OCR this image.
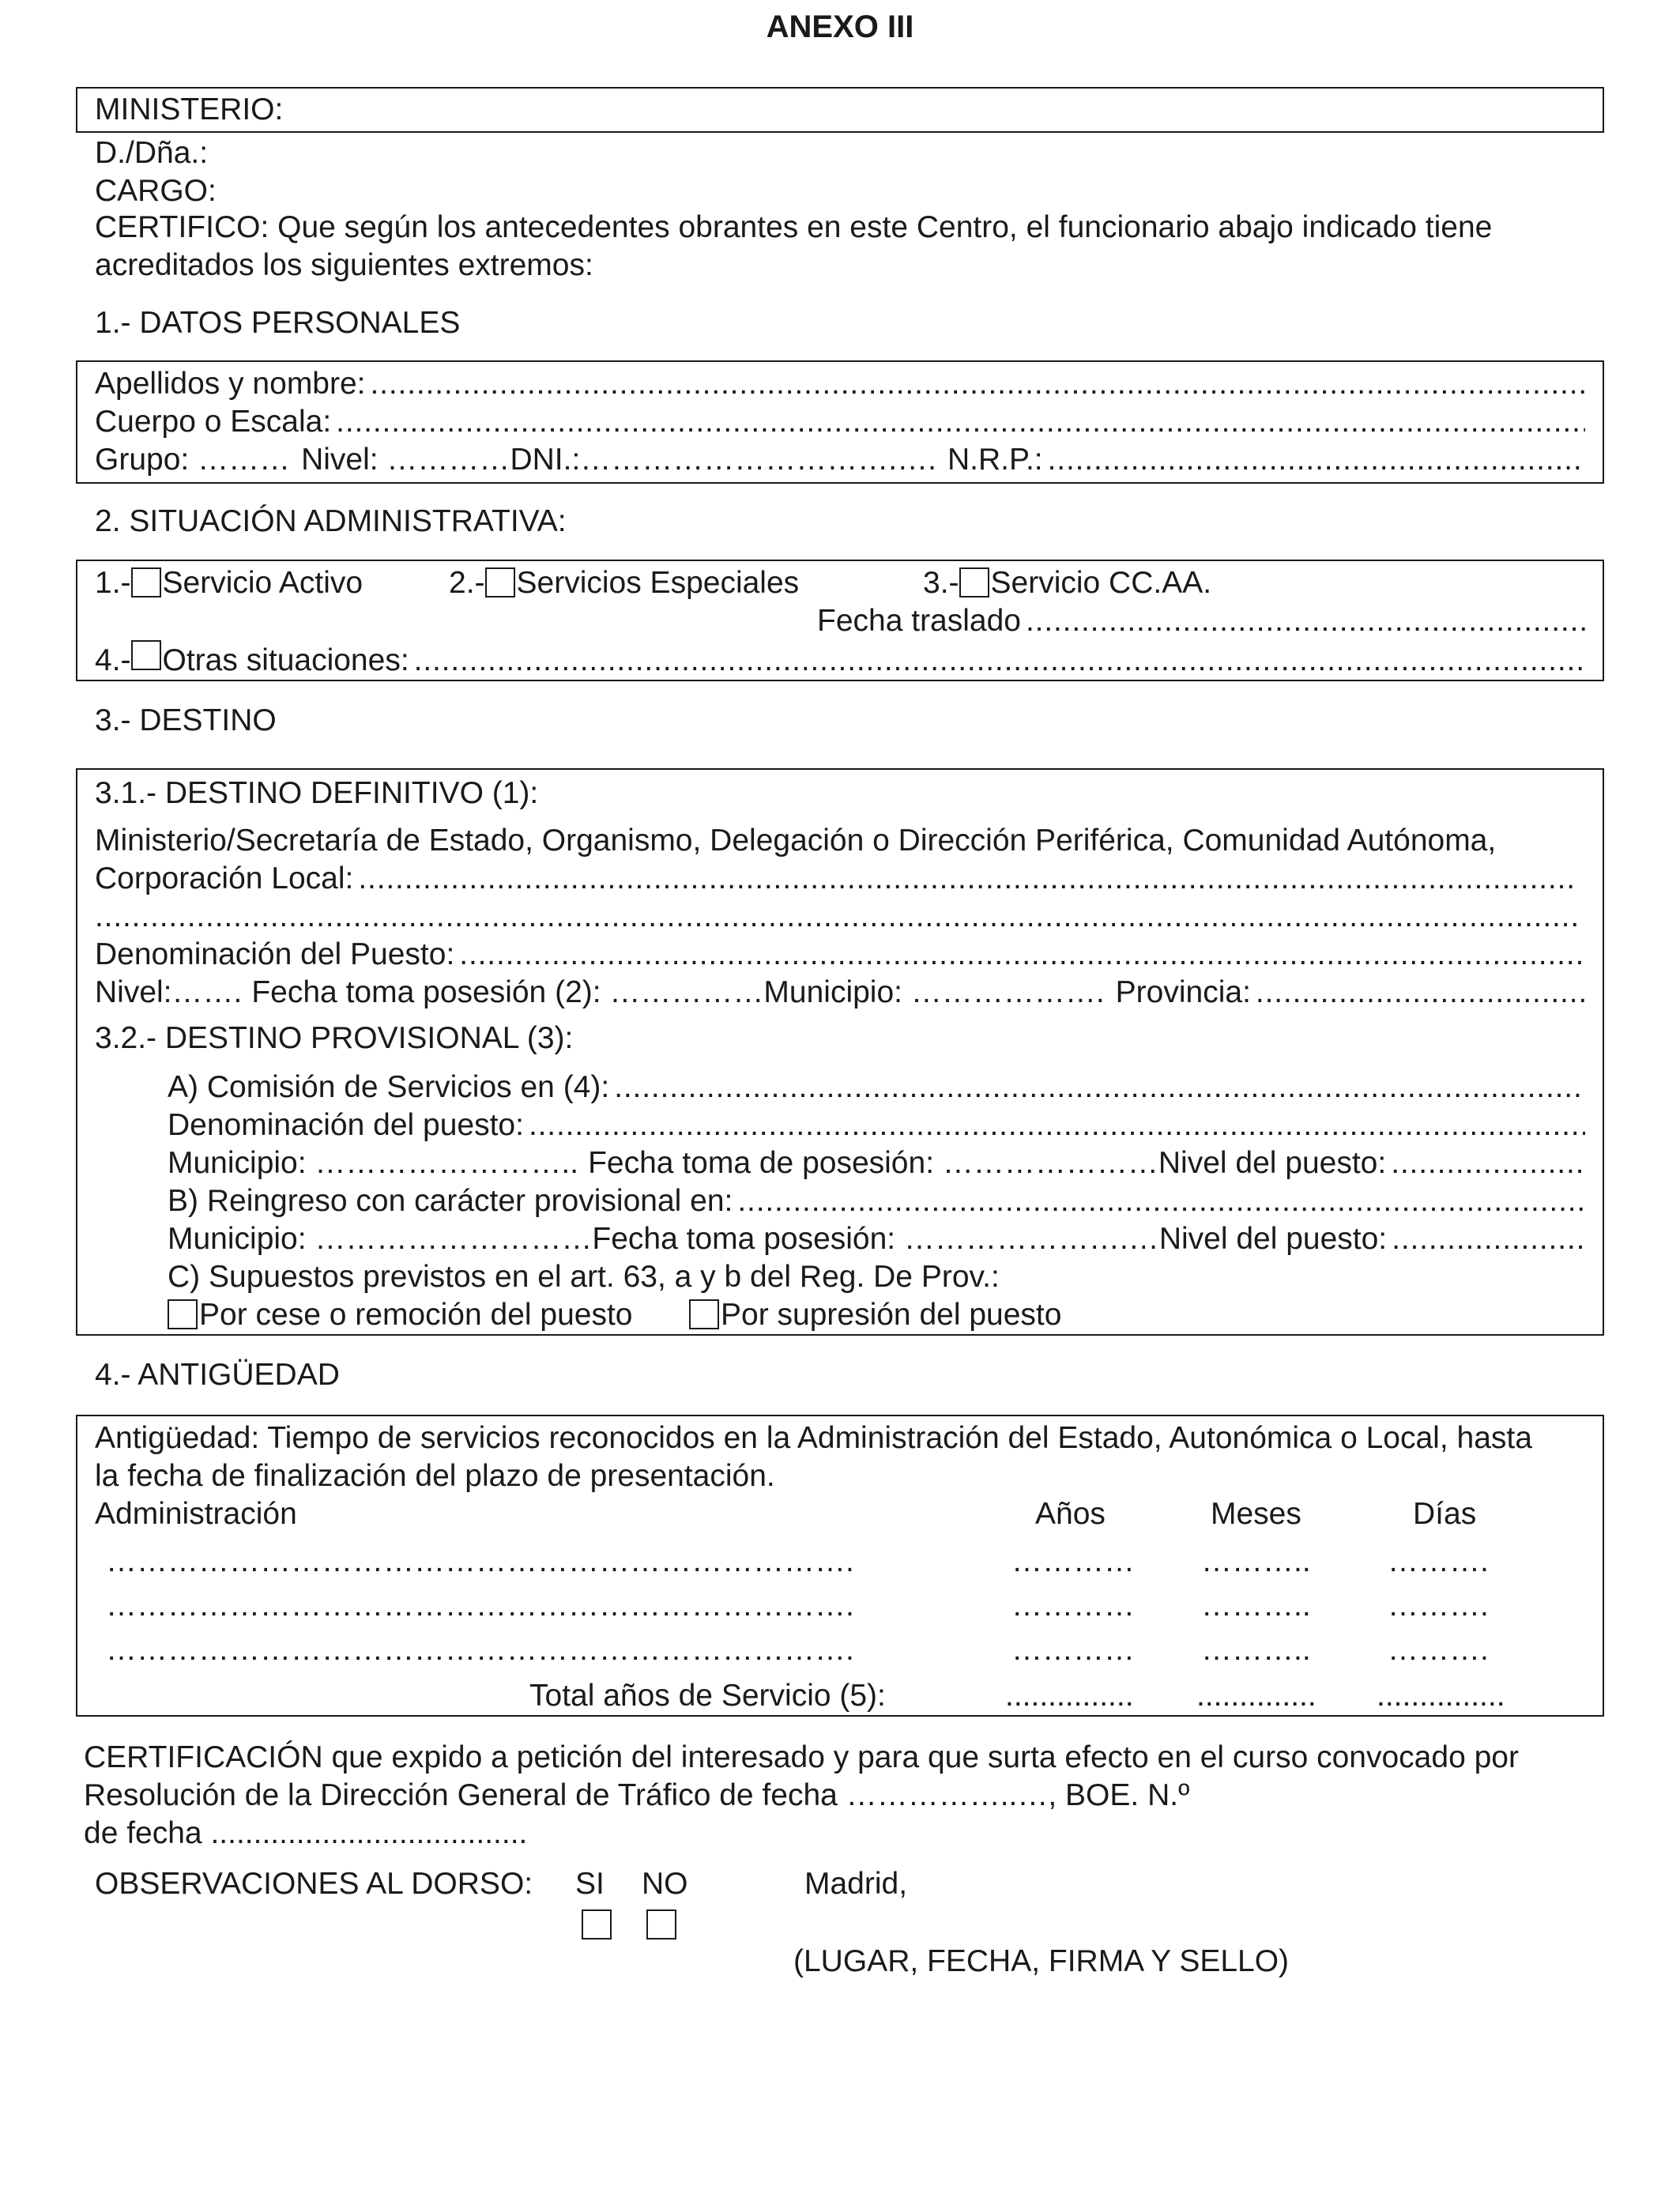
ANEXO III
MINISTERIO:
D./Dña.:
CARGO:
CERTIFICO: Que según los antecedentes obrantes en este Centro, el funcionario abajo indicado tiene
acreditados los siguientes extremos:
1.- DATOS PERSONALES
Apellidos y nombre:
. . .
Cuerpo o Escala:
. . .
Grupo: ……… Nivel: ………… DNI.:………………………….…. N.R.P.:
. . .
2. SITUACIÓN ADMINISTRATIVA:
1.- Servicio Activo	2.- Servicios Especiales	3.- Servicio CC.AA.
Fecha traslado
. . .
4.- Otras situaciones:
. . .
3.- DESTINO
3.1.- DESTINO DEFINITIVO (1):
Ministerio/Secretaría de Estado, Organismo, Delegación o Dirección Periférica, Comunidad Autónoma,
Corporación Local:
. . .
. . .
Denominación del Puesto:
. . .
Nivel:……. Fecha toma posesión (2): …………… Municipio: ………………. Provincia:
. . .
3.2.- DESTINO PROVISIONAL (3):
A) Comisión de Servicios en (4):
. . .
Denominación del puesto:
. . .
Municipio: …………………….. Fecha toma de posesión: ………………… Nivel del puesto:
. . .
B) Reingreso con carácter provisional en:
. . .
Municipio: ……………………… Fecha toma posesión: ………………….… Nivel del puesto:
. . .
C) Supuestos previstos en el art. 63, a y b del Reg. De Prov.:
Por cese o remoción del puesto	Por supresión del puesto
4.- ANTIGÜEDAD
Antigüedad: Tiempo de servicios reconocidos en la Administración del Estado, Autonómica o Local, hasta
la fecha de finalización del plazo de presentación.
Administración	Años	Meses	Días
……………………………………………………………….	………… ……….. ……….
……………………………………………………………….	………… ……….. ……….
……………………………………………………………….	………… ……….. ……….
Total años de Servicio (5):	............... .............. ...............
CERTIFICACIÓN que expido a petición del interesado y para que surta efecto en el curso convocado por
Resolución de la Dirección General de Tráfico de fecha ……………..…, BOE. N.º
de fecha .....................................
OBSERVACIONES AL DORSO: SI NO	Madrid,
(LUGAR, FECHA, FIRMA Y SELLO)
